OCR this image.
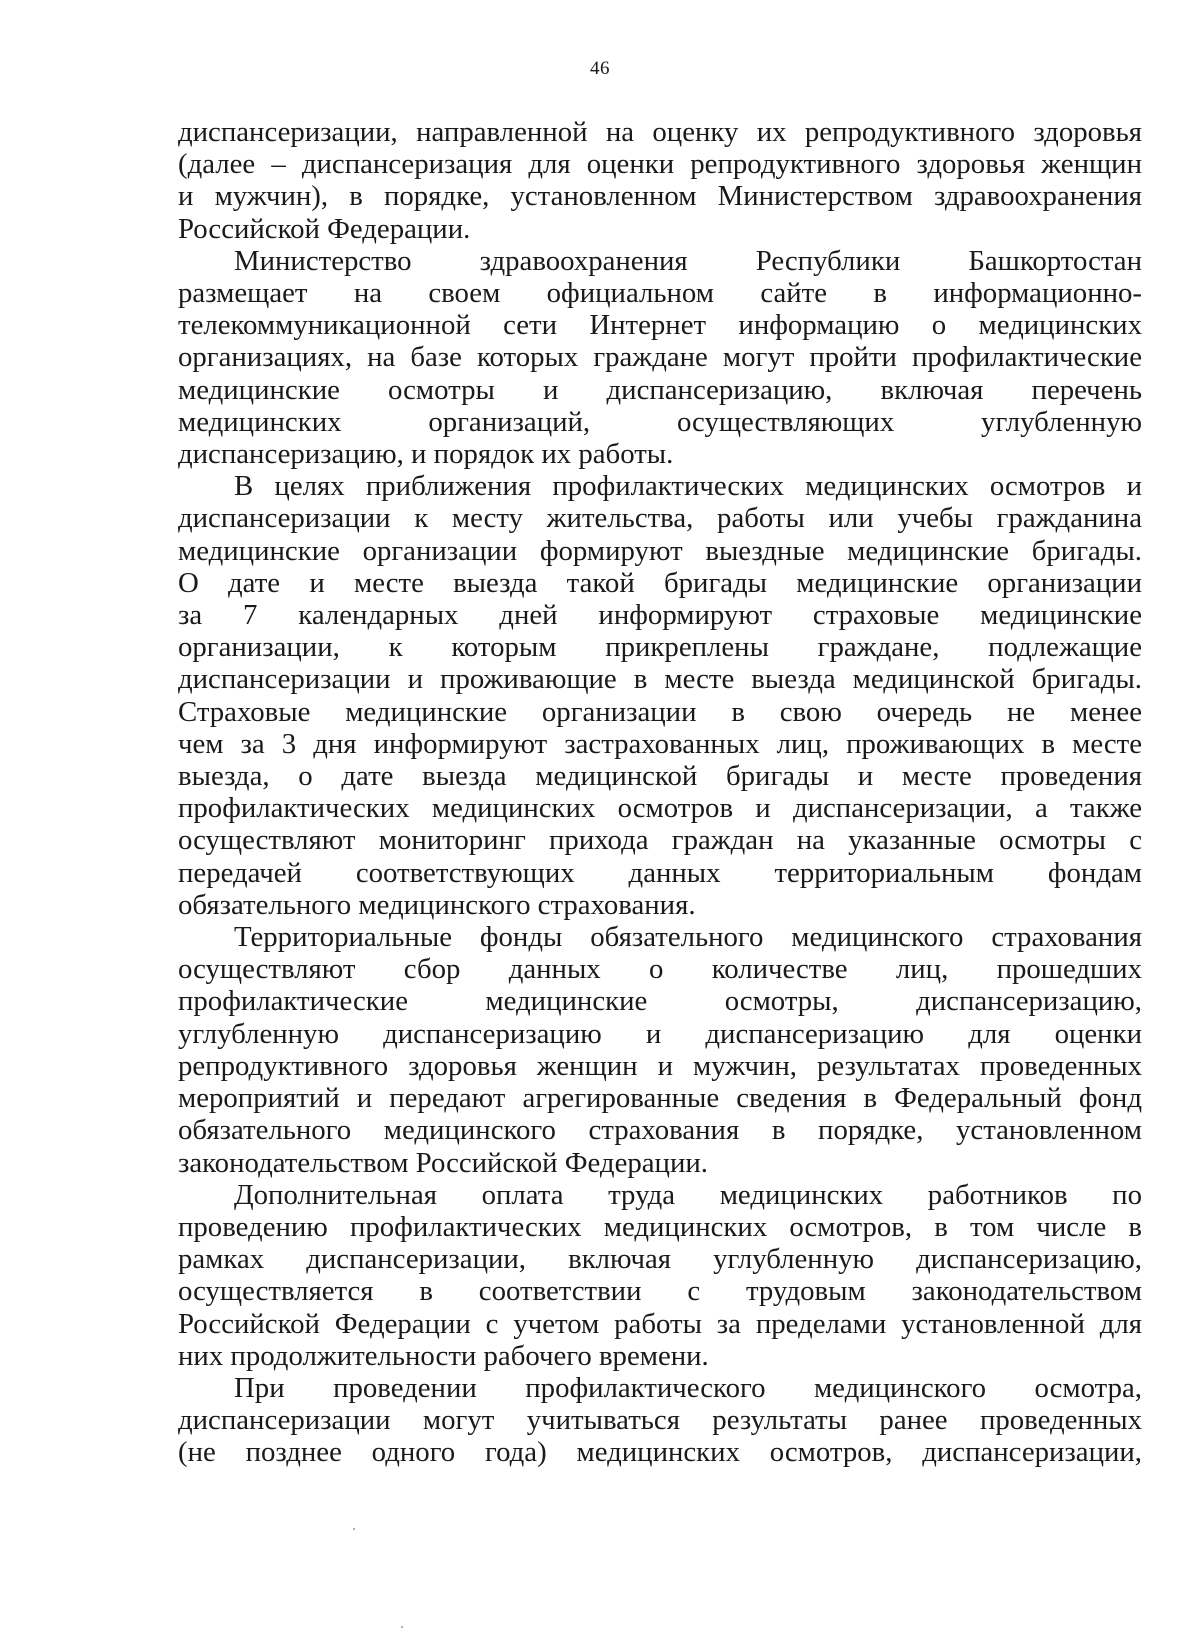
46
диспансеризации, направленной на оценку их репродуктивного здоровья
(далее – диспансеризация для оценки репродуктивного здоровья женщин
и мужчин), в порядке, установленном Министерством здравоохранения
Российской Федерации.
Министерство здравоохранения Республики Башкортостан
размещает на своем официальном сайте в информационно-
телекоммуникационной сети Интернет информацию о медицинских
организациях, на базе которых граждане могут пройти профилактические
медицинские осмотры и диспансеризацию, включая перечень
медицинских организаций, осуществляющих углубленную
диспансеризацию, и порядок их работы.
В целях приближения профилактических медицинских осмотров и
диспансеризации к месту жительства, работы или учебы гражданина
медицинские организации формируют выездные медицинские бригады.
О дате и месте выезда такой бригады медицинские организации
за 7 календарных дней информируют страховые медицинские
организации, к которым прикреплены граждане, подлежащие
диспансеризации и проживающие в месте выезда медицинской бригады.
Страховые медицинские организации в свою очередь не менее
чем за 3 дня информируют застрахованных лиц, проживающих в месте
выезда, о дате выезда медицинской бригады и месте проведения
профилактических медицинских осмотров и диспансеризации, а также
осуществляют мониторинг прихода граждан на указанные осмотры с
передачей соответствующих данных территориальным фондам
обязательного медицинского страхования.
Территориальные фонды обязательного медицинского страхования
осуществляют сбор данных о количестве лиц, прошедших
профилактические медицинские осмотры, диспансеризацию,
углубленную диспансеризацию и диспансеризацию для оценки
репродуктивного здоровья женщин и мужчин, результатах проведенных
мероприятий и передают агрегированные сведения в Федеральный фонд
обязательного медицинского страхования в порядке, установленном
законодательством Российской Федерации.
Дополнительная оплата труда медицинских работников по
проведению профилактических медицинских осмотров, в том числе в
рамках диспансеризации, включая углубленную диспансеризацию,
осуществляется в соответствии с трудовым законодательством
Российской Федерации с учетом работы за пределами установленной для
них продолжительности рабочего времени.
При проведении профилактического медицинского осмотра,
диспансеризации могут учитываться результаты ранее проведенных
(не позднее одного года) медицинских осмотров, диспансеризации,
